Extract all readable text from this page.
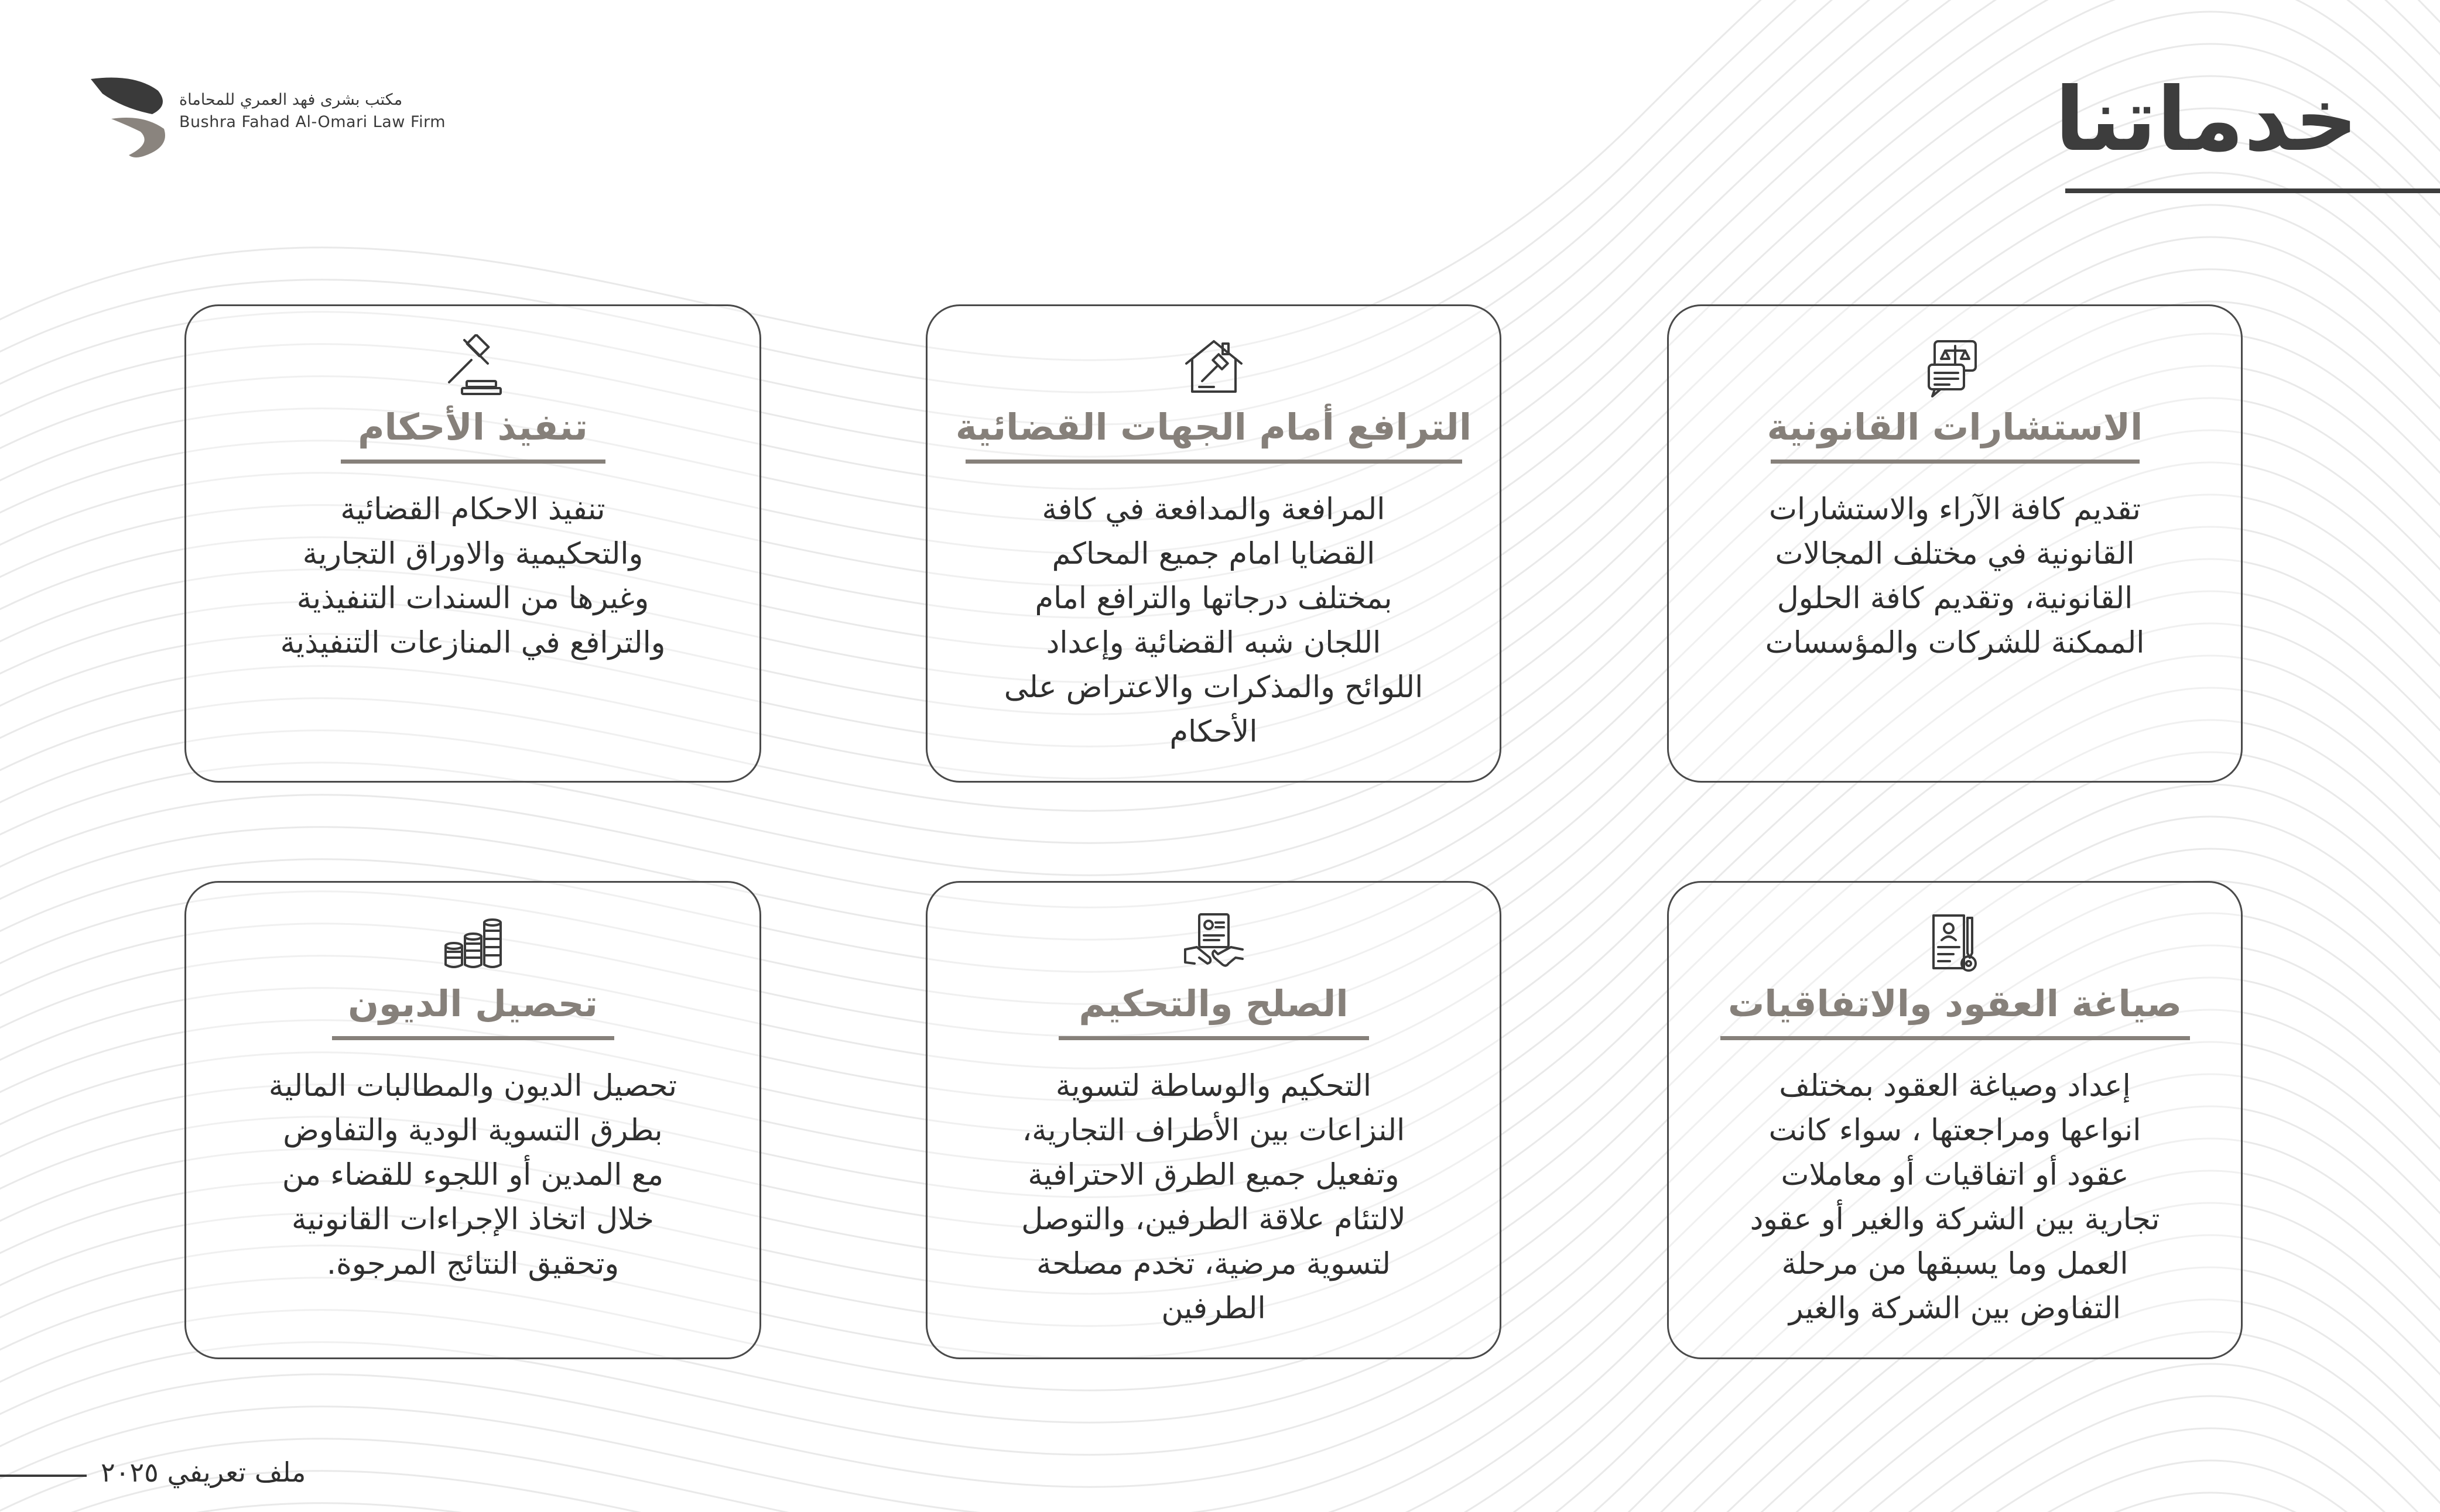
مكتب بشرى فهد العمري للمحاماة
Bushra Fahad Al-Omari Law Firm	خدماتنا
الاستشارات القانونية
تقديم كافة الآراء والاستشارات
القانونية في مختلف المجالات
القانونية، وتقديم كافة الحلول
الممكنة للشركات والمؤسسات
الترافع أمام الجهات القضائية
المرافعة والمدافعة في كافة
القضايا امام جميع المحاكم
بمختلف درجاتها والترافع امام
اللجان شبه القضائية وإعداد
اللوائح والمذكرات والاعتراض على
الأحكام
تنفيذ الأحكام
تنفيذ الاحكام القضائية
والتحكيمية والاوراق التجارية
وغيرها من السندات التنفيذية
والترافع في المنازعات التنفيذية
صياغة العقود والاتفاقيات
إعداد وصياغة العقود بمختلف
انواعها ومراجعتها ، سواء كانت
عقود أو اتفاقيات أو معاملات
تجارية بين الشركة والغير أو عقود
العمل وما يسبقها من مرحلة
التفاوض بين الشركة والغير
الصلح والتحكيم
التحكيم والوساطة لتسوية
النزاعات بين الأطراف التجارية،
وتفعيل جميع الطرق الاحترافية
لالتئام علاقة الطرفين، والتوصل
لتسوية مرضية، تخدم مصلحة
الطرفين
تحصيل الديون
تحصيل الديون والمطالبات المالية
بطرق التسوية الودية والتفاوض
مع المدين أو اللجوء للقضاء من
خلال اتخاذ الإجراءات القانونية
وتحقيق النتائج المرجوة.
ملف تعريفي ٢٠٢٥
